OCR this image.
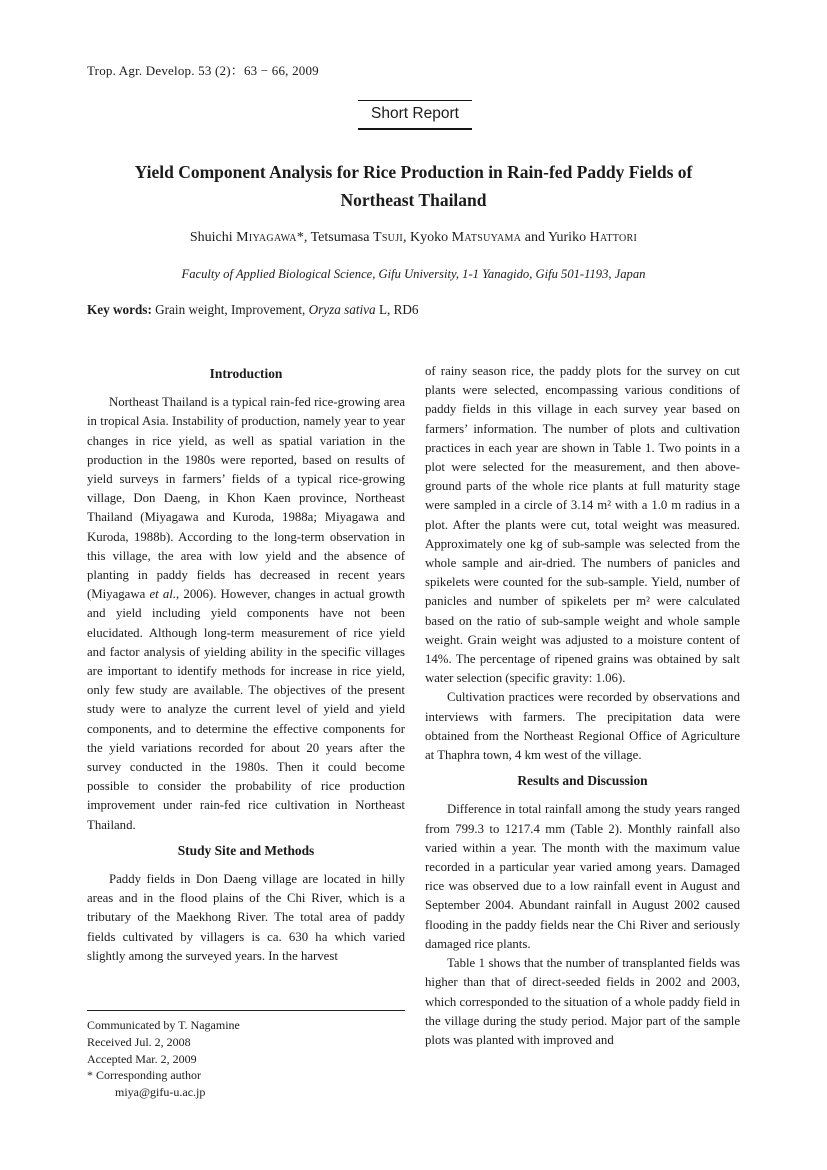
Trop. Agr. Develop. 53 (2)：63 − 66, 2009
Short Report
Yield Component Analysis for Rice Production in Rain-fed Paddy Fields of
Northeast Thailand
Shuichi Miyagawa*, Tetsumasa Tsuji, Kyoko Matsuyama and Yuriko Hattori
Faculty of Applied Biological Science, Gifu University, 1-1 Yanagido, Gifu 501-1193, Japan
Key words: Grain weight, Improvement, Oryza sativa L, RD6
Introduction

Northeast Thailand is a typical rain-fed rice-growing area in tropical Asia. Instability of production, namely year to year changes in rice yield, as well as spatial variation in the production in the 1980s were reported, based on results of yield surveys in farmers’ fields of a typical rice-growing village, Don Daeng, in Khon Kaen province, Northeast Thailand (Miyagawa and Kuroda, 1988a; Miyagawa and Kuroda, 1988b). According to the long-term observation in this village, the area with low yield and the absence of planting in paddy fields has decreased in recent years (Miyagawa et al., 2006). However, changes in actual growth and yield including yield components have not been elucidated. Although long-term measurement of rice yield and factor analysis of yielding ability in the specific villages are important to identify methods for increase in rice yield, only few study are available. The objectives of the present study were to analyze the current level of yield and yield components, and to determine the effective components for the yield variations recorded for about 20 years after the survey conducted in the 1980s. Then it could become possible to consider the probability of rice production improvement under rain-fed rice cultivation in Northeast Thailand.

Study Site and Methods

Paddy fields in Don Daeng village are located in hilly areas and in the flood plains of the Chi River, which is a tributary of the Maekhong River. The total area of paddy fields cultivated by villagers is ca. 630 ha which varied slightly among the surveyed years. In the harvest

of rainy season rice, the paddy plots for the survey on cut plants were selected, encompassing various conditions of paddy fields in this village in each survey year based on farmers’ information. The number of plots and cultivation practices in each year are shown in Table 1. Two points in a plot were selected for the measurement, and then above-ground parts of the whole rice plants at full maturity stage were sampled in a circle of 3.14 m² with a 1.0 m radius in a plot. After the plants were cut, total weight was measured. Approximately one kg of sub-sample was selected from the whole sample and air-dried. The numbers of panicles and spikelets were counted for the sub-sample. Yield, number of panicles and number of spikelets per m² were calculated based on the ratio of sub-sample weight and whole sample weight. Grain weight was adjusted to a moisture content of 14%. The percentage of ripened grains was obtained by salt water selection (specific gravity: 1.06).

Cultivation practices were recorded by observations and interviews with farmers. The precipitation data were obtained from the Northeast Regional Office of Agriculture at Thaphra town, 4 km west of the village.

Results and Discussion

Difference in total rainfall among the study years ranged from 799.3 to 1217.4 mm (Table 2). Monthly rainfall also varied within a year. The month with the maximum value recorded in a particular year varied among years. Damaged rice was observed due to a low rainfall event in August and September 2004. Abundant rainfall in August 2002 caused flooding in the paddy fields near the Chi River and seriously damaged rice plants.

Table 1 shows that the number of transplanted fields was higher than that of direct-seeded fields in 2002 and 2003, which corresponded to the situation of a whole paddy field in the village during the study period. Major part of the sample plots was planted with improved and

Communicated by T. Nagamine
Received Jul. 2, 2008
Accepted Mar. 2, 2009
* Corresponding author
miya@gifu-u.ac.jp
